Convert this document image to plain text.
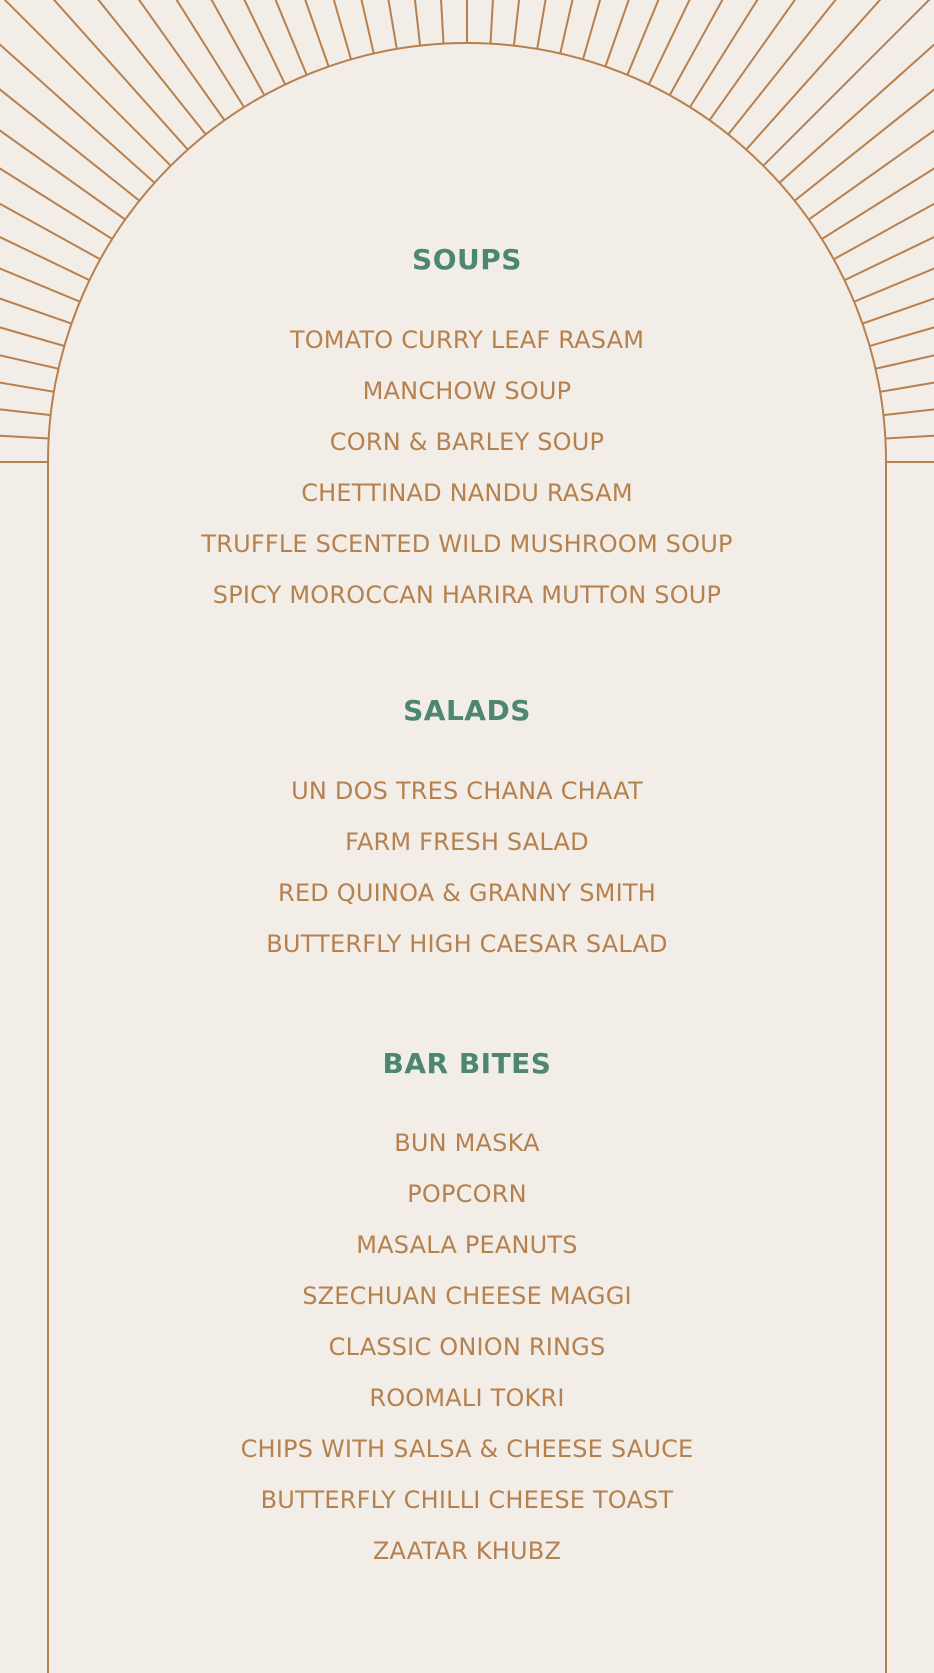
SOUPS

TOMATO CURRY LEAF RASAM

MANCHOW SOUP

CORN & BARLEY SOUP

CHETTINAD NANDU RASAM

TRUFFLE SCENTED WILD MUSHROOM SOUP

SPICY MOROCCAN HARIRA MUTTON SOUP

SALADS

UN DOS TRES CHANA CHAAT

FARM FRESH SALAD

RED QUINOA & GRANNY SMITH

BUTTERFLY HIGH CAESAR SALAD

BAR BITES

BUN MASKA

POPCORN

MASALA PEANUTS

SZECHUAN CHEESE MAGGI

CLASSIC ONION RINGS

ROOMALI TOKRI

CHIPS WITH SALSA & CHEESE SAUCE

BUTTERFLY CHILLI CHEESE TOAST

ZAATAR KHUBZ
